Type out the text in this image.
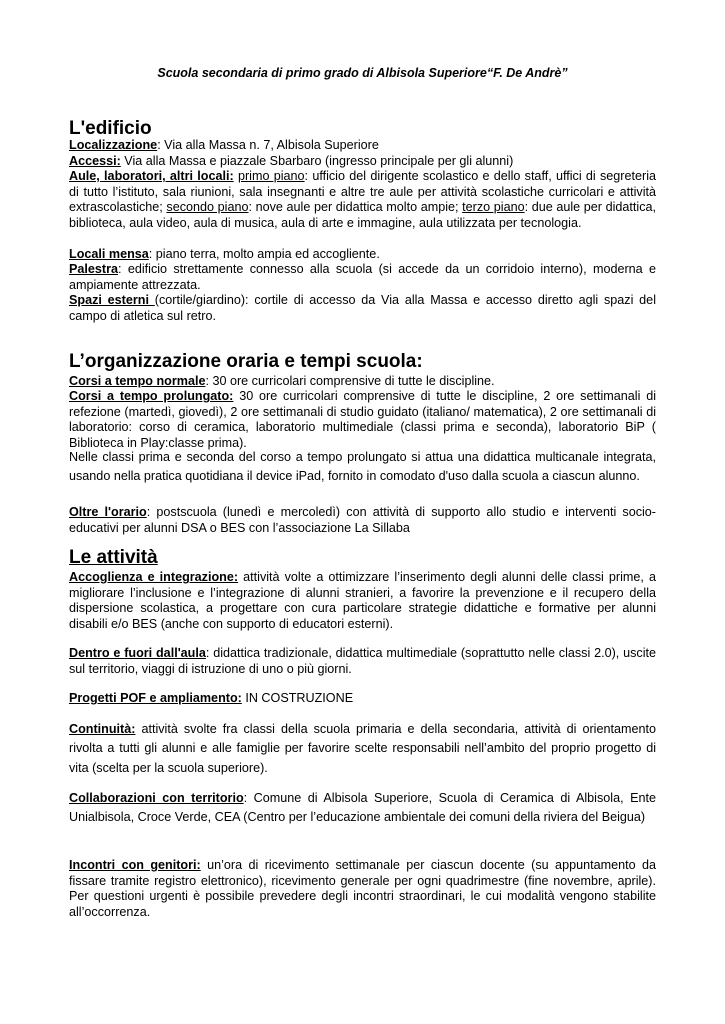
Scuola secondaria di primo grado di Albisola Superiore“F. De Andrè”
L'edificio

Localizzazione: Via alla Massa n. 7, Albisola Superiore

Accessi: Via alla Massa e piazzale Sbarbaro (ingresso principale per gli alunni)

Aule, laboratori, altri locali: primo piano: ufficio del dirigente scolastico e dello staff, uffici di segreteria di tutto l’istituto, sala riunioni, sala insegnanti e altre tre aule per attività scolastiche curricolari e attività extrascolastiche; secondo piano: nove aule per didattica molto ampie; terzo piano: due aule per didattica, biblioteca, aula video, aula di musica, aula di arte e immagine, aula utilizzata per tecnologia.

Locali mensa: piano terra, molto ampia ed accogliente.

Palestra: edificio strettamente connesso alla scuola (si accede da un corridoio interno), moderna e ampiamente attrezzata.

Spazi esterni (cortile/giardino): cortile di accesso da Via alla Massa e accesso diretto agli spazi del campo di atletica sul retro.

L’organizzazione oraria e tempi scuola:

Corsi a tempo normale: 30 ore curricolari comprensive di tutte le discipline.

Corsi a tempo prolungato: 30 ore curricolari comprensive di tutte le discipline, 2 ore settimanali di refezione (martedì, giovedì), 2 ore settimanali di studio guidato (italiano/ matematica), 2 ore settimanali di laboratorio: corso di ceramica, laboratorio multimediale (classi prima e seconda), laboratorio BiP ( Biblioteca in Play:classe prima).

Nelle classi prima e seconda del corso a tempo prolungato si attua una didattica multicanale integrata, usando nella pratica quotidiana il device iPad, fornito in comodato d'uso dalla scuola a ciascun alunno.

Oltre l'orario: postscuola (lunedì e mercoledì) con attività di supporto allo studio e interventi socio-educativi per alunni DSA o BES con l’associazione La Sillaba

Le attività

Accoglienza e integrazione: attività volte a ottimizzare l’inserimento degli alunni delle classi prime, a migliorare l’inclusione e l’integrazione di alunni stranieri, a favorire la prevenzione e il recupero della dispersione scolastica, a progettare con cura particolare strategie didattiche e formative per alunni disabili e/o BES (anche con supporto di educatori esterni).

Dentro e fuori dall'aula: didattica tradizionale, didattica multimediale (soprattutto nelle classi 2.0), uscite sul territorio, viaggi di istruzione di uno o più giorni.

Progetti POF e ampliamento: IN COSTRUZIONE

Continuità: attività svolte fra classi della scuola primaria e della secondaria, attività di orientamento rivolta a tutti gli alunni e alle famiglie per favorire scelte responsabili nell’ambito del proprio progetto di vita (scelta per la scuola superiore).

Collaborazioni con territorio: Comune di Albisola Superiore, Scuola di Ceramica di Albisola, Ente Unialbisola, Croce Verde, CEA (Centro per l’educazione ambientale dei comuni della riviera del Beigua)

Incontri con genitori: un’ora di ricevimento settimanale per ciascun docente (su appuntamento da fissare tramite registro elettronico), ricevimento generale per ogni quadrimestre (fine novembre, aprile). Per questioni urgenti è possibile prevedere degli incontri straordinari, le cui modalità vengono stabilite all’occorrenza.
